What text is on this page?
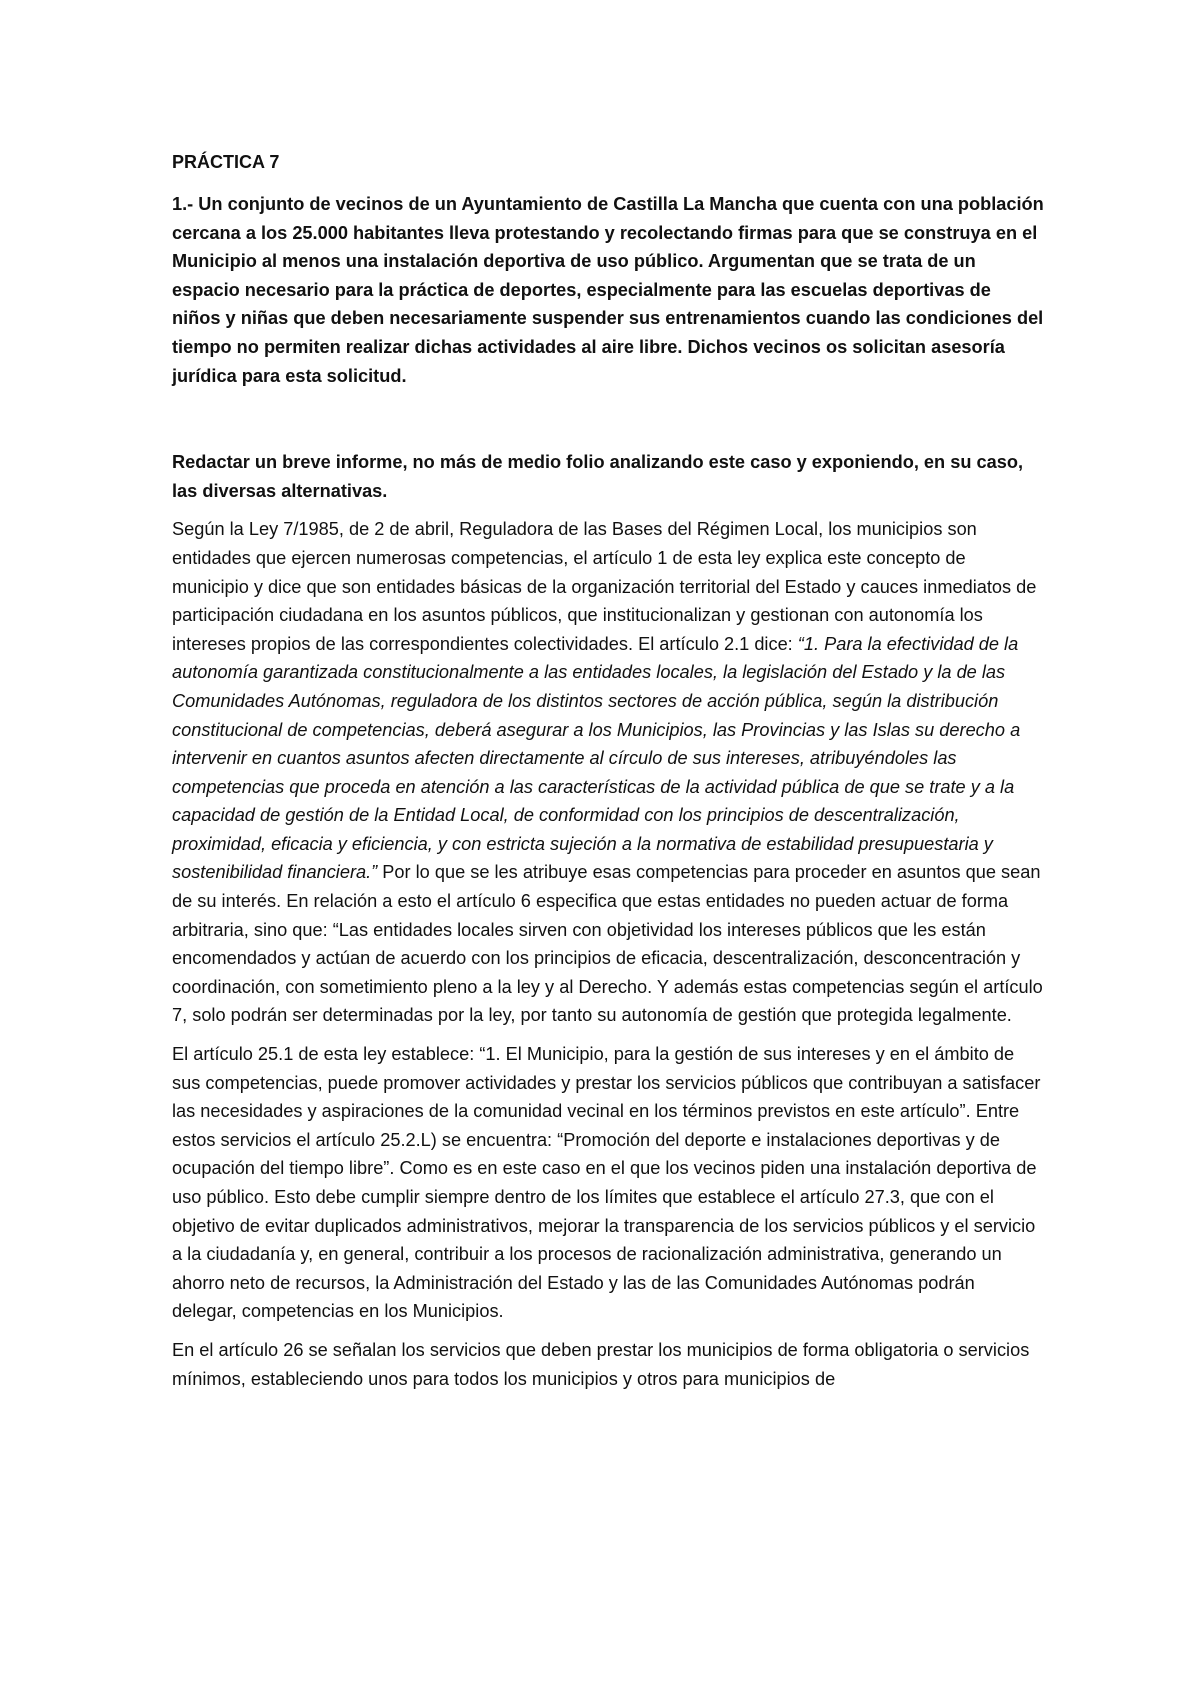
PRÁCTICA 7

1.- Un conjunto de vecinos de un Ayuntamiento de Castilla La Mancha que cuenta con una población cercana a los 25.000 habitantes lleva protestando y recolectando firmas para que se construya en el Municipio al menos una instalación deportiva de uso público. Argumentan que se trata de un espacio necesario para la práctica de deportes, especialmente para las escuelas deportivas de niños y niñas que deben necesariamente suspender sus entrenamientos cuando las condiciones del tiempo no permiten realizar dichas actividades al aire libre. Dichos vecinos os solicitan asesoría jurídica para esta solicitud.

Redactar un breve informe, no más de medio folio analizando este caso y exponiendo, en su caso, las diversas alternativas.

Según la Ley 7/1985, de 2 de abril, Reguladora de las Bases del Régimen Local, los municipios son entidades que ejercen numerosas competencias, el artículo 1 de esta ley explica este concepto de municipio y dice que son entidades básicas de la organización territorial del Estado y cauces inmediatos de participación ciudadana en los asuntos públicos, que institucionalizan y gestionan con autonomía los intereses propios de las correspondientes colectividades. El artículo 2.1 dice: “1. Para la efectividad de la autonomía garantizada constitucionalmente a las entidades locales, la legislación del Estado y la de las Comunidades Autónomas, reguladora de los distintos sectores de acción pública, según la distribución constitucional de competencias, deberá asegurar a los Municipios, las Provincias y las Islas su derecho a intervenir en cuantos asuntos afecten directamente al círculo de sus intereses, atribuyéndoles las competencias que proceda en atención a las características de la actividad pública de que se trate y a la capacidad de gestión de la Entidad Local, de conformidad con los principios de descentralización, proximidad, eficacia y eficiencia, y con estricta sujeción a la normativa de estabilidad presupuestaria y sostenibilidad financiera.” Por lo que se les atribuye esas competencias para proceder en asuntos que sean de su interés. En relación a esto el artículo 6 especifica que estas entidades no pueden actuar de forma arbitraria, sino que: “Las entidades locales sirven con objetividad los intereses públicos que les están encomendados y actúan de acuerdo con los principios de eficacia, descentralización, desconcentración y coordinación, con sometimiento pleno a la ley y al Derecho. Y además estas competencias según el artículo 7, solo podrán ser determinadas por la ley, por tanto su autonomía de gestión que protegida legalmente.

El artículo 25.1 de esta ley establece: “1. El Municipio, para la gestión de sus intereses y en el ámbito de sus competencias, puede promover actividades y prestar los servicios públicos que contribuyan a satisfacer las necesidades y aspiraciones de la comunidad vecinal en los términos previstos en este artículo”. Entre estos servicios el artículo 25.2.L) se encuentra: “Promoción del deporte e instalaciones deportivas y de ocupación del tiempo libre”. Como es en este caso en el que los vecinos piden una instalación deportiva de uso público. Esto debe cumplir siempre dentro de los límites que establece el artículo 27.3, que con el objetivo de evitar duplicados administrativos, mejorar la transparencia de los servicios públicos y el servicio a la ciudadanía y, en general, contribuir a los procesos de racionalización administrativa, generando un ahorro neto de recursos, la Administración del Estado y las de las Comunidades Autónomas podrán delegar, competencias en los Municipios.

En el artículo 26 se señalan los servicios que deben prestar los municipios de forma obligatoria o servicios mínimos, estableciendo unos para todos los municipios y otros para municipios de
